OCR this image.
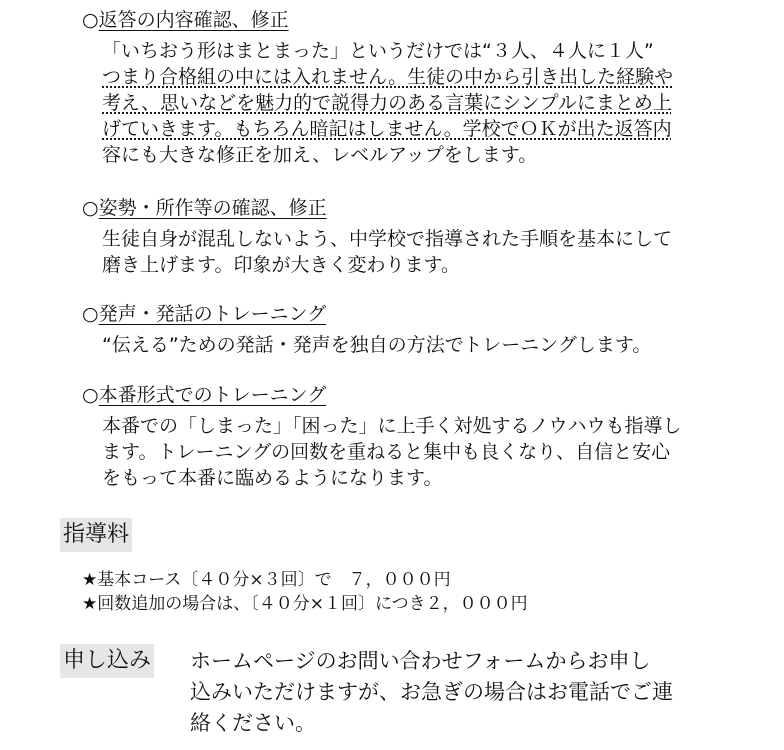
○返答の内容確認、修正
「いちおう形はまとまった」というだけでは“３人、４人に１人”
つまり合格組の中には入れません。生徒の中から引き出した経験や
考え、思いなどを魅力的で説得力のある言葉にシンプルにまとめ上
げていきます。もちろん暗記はしません。学校でＯＫが出た返答内
容にも大きな修正を加え、レベルアップをします。
○姿勢・所作等の確認、修正
生徒自身が混乱しないよう、中学校で指導された手順を基本にして
磨き上げます。印象が大きく変わります。
○発声・発話のトレーニング
“伝える”ための発話・発声を独自の方法でトレーニングします。
○本番形式でのトレーニング
本番での「しまった」「困った」に上手く対処するノウハウも指導し
ます。トレーニングの回数を重ねると集中も良くなり、自信と安心
をもって本番に臨めるようになります。
指導料
★基本コース〔４０分×３回〕で　７，０００円
★回数追加の場合は、〔４０分×１回〕につき２，０００円
申し込み ホームページのお問い合わせフォームからお申し
込みいただけますが、お急ぎの場合はお電話でご連
絡ください。
